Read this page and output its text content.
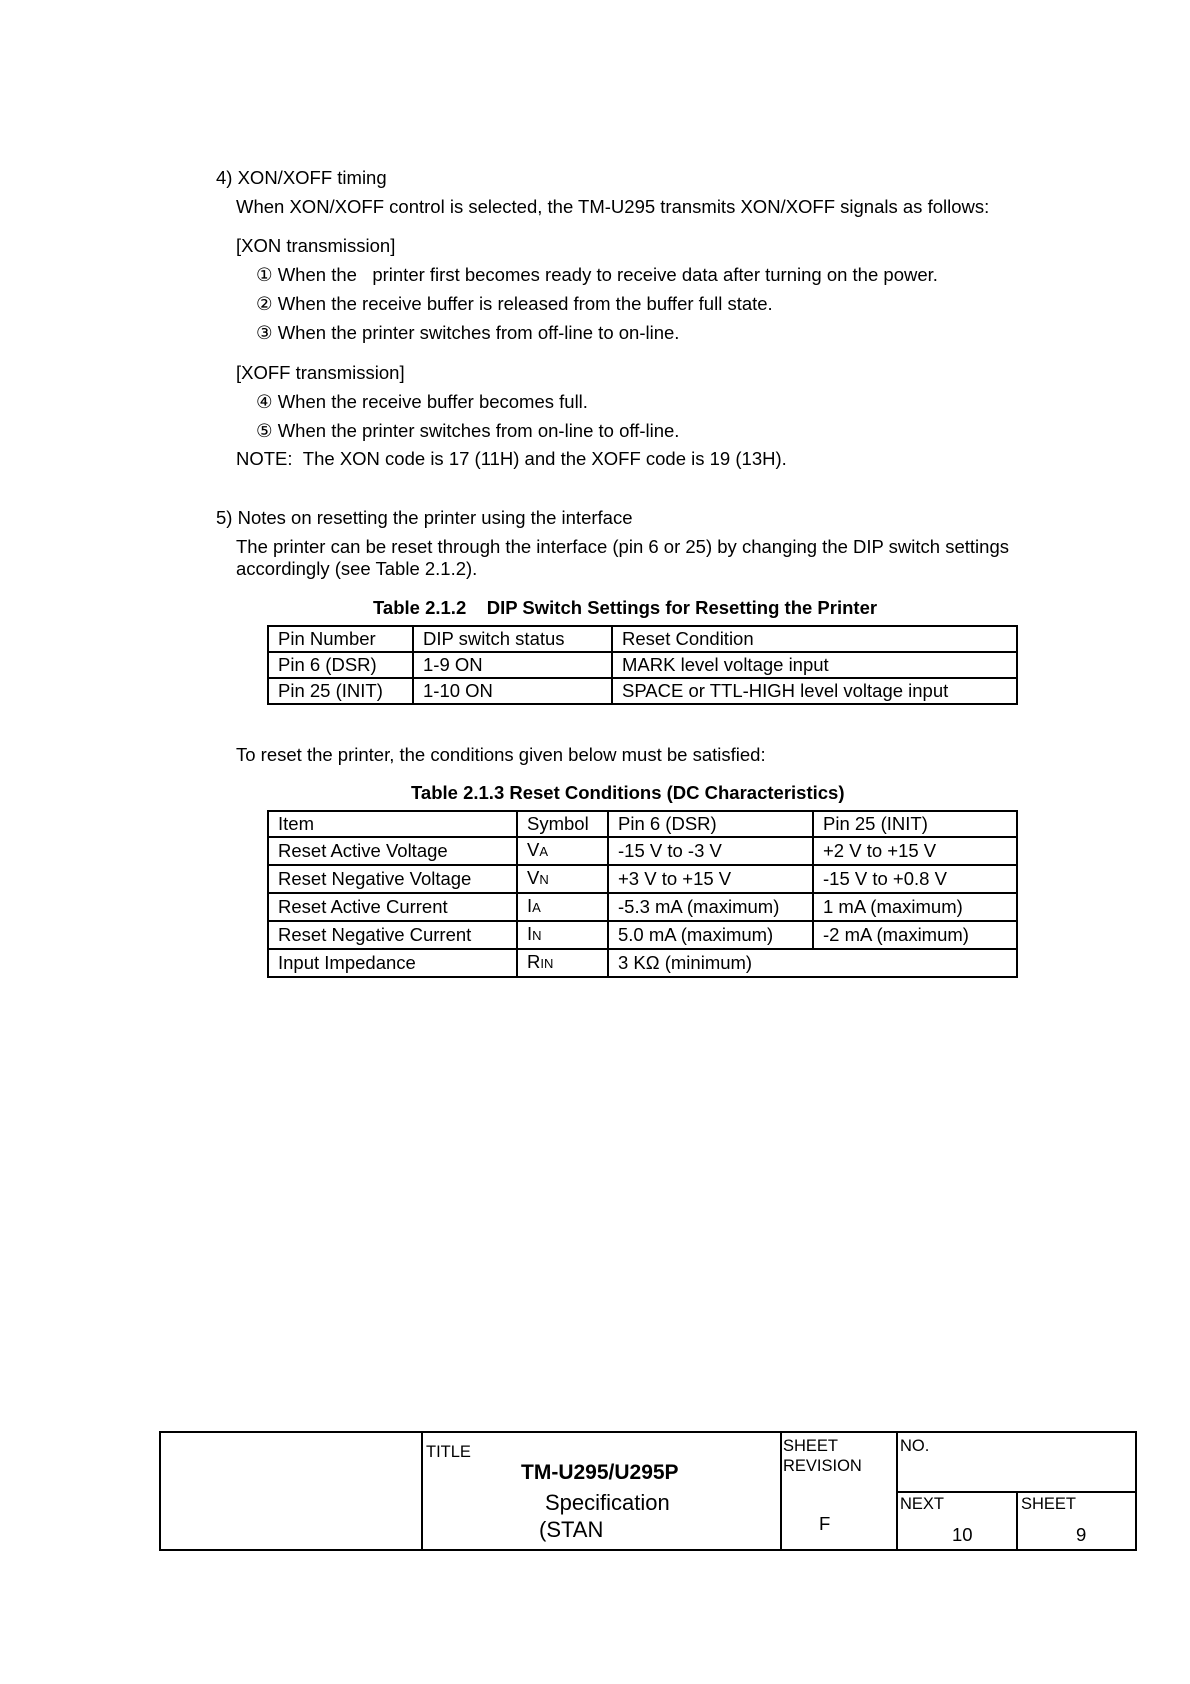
4) XON/XOFF timing
When XON/XOFF control is selected, the TM-U295 transmits XON/XOFF signals as follows:
[XON transmission]
① When the   printer first becomes ready to receive data after turning on the power.
② When the receive buffer is released from the buffer full state.
③ When the printer switches from off-line to on-line.
[XOFF transmission]
④ When the receive buffer becomes full.
⑤ When the printer switches from on-line to off-line.
NOTE:  The XON code is 17 (11H) and the XOFF code is 19 (13H).
5) Notes on resetting the printer using the interface
The printer can be reset through the interface (pin 6 or 25) by changing the DIP switch settings
accordingly (see Table 2.1.2).
Table 2.1.2    DIP Switch Settings for Resetting the Printer
Pin Number	DIP switch status	Reset Condition
Pin 6 (DSR)	1-9 ON	MARK level voltage input
Pin 25 (INIT)	1-10 ON	SPACE or TTL-HIGH level voltage input
To reset the printer, the conditions given below must be satisfied:
Table 2.1.3 Reset Conditions (DC Characteristics)
Item	Symbol	Pin 6 (DSR)	Pin 25 (INIT)
Reset Active Voltage	VA	-15 V to -3 V	+2 V to +15 V
Reset Negative Voltage	VN	+3 V to +15 V	-15 V to +0.8 V
Reset Active Current	IA	-5.3 mA (maximum)	1 mA (maximum)
Reset Negative Current	IN	5.0 mA (maximum)	-2 mA (maximum)
Input Impedance	RIN	3 KΩ (minimum)	
TITLE
TM-U295/U295P
Specification
(STAN
SHEET
REVISION
F
NO.
NEXT	SHEET
10	9
